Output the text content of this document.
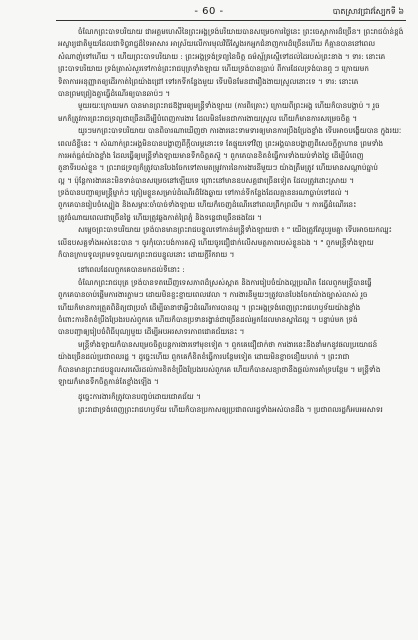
- 60 -	បាតស្រាវជ្រាវស្បែកទី ៦
ចំណែកព្រះបាទបរិយាយ ជាអគ្គមហេសីនៃព្រះអង្គទ្រង់បរិយាយបានសម្រេចការថ្ងៃនេះ ព្រះចេស្ដាការដ៏ច្រើន។ ព្រះរាជប៉ាន់ខ្ពង់
អស្ចារ្យជាតិមួយដែលជាទិព្វរាជ្ជដ៏ទៃអាសារ អាស្រ័យលើការមុលវិធីស្វែងរកអ្នកជំនាញការដ៏ច្រើនហើយ ក៏គ្មានបាននៅពេល
សំណាញ់ទៅហើយ ។ ហើយព្រះបាទបរិយាយ : ព្រះអង្គទ្រង់ទ្រព្យនៃចិត្ត ធម៌ស្ម័គ្រស្មើទៅដល់ដៃរបស់ព្រះនាង ។ ទារ: នោះគេ
ព្រះបាទបរិយាយ ទ្រង់ត្រាស់សួរទៅកាន់ព្រះរាជបុត្រទាំងឡាយ ហើយទ្រង់បានប្រាប់ ពីការដែលទ្រង់បានឮ ៗ ក្រោយមក
ទិតាការអនុញ្ញាតឲ្យដើរកាត់ព្រៃយ៉ាងជ្រៅ ទៅរកទីកន្លែងមួយ ទើបមិនមែនជារឿងងាយស្រួលនោះទេ ។ ទារ: នោះគេ
បានព្រមព្រៀងគ្នាធ្វើដំណើរឲ្យបានឆាប់ៗ ។
មួយរយៈក្រោយមក បានមានព្រះរាជឱង្ការឲ្យមន្ត្រីទាំងឡាយ (ការពិគ្រោះ) ក្រោយពីព្រះអង្គ ហើយក៏បានបង្គាប់ ។ រួច
មកក៏ត្រូវការព្រះរាជទ្រព្យជាច្រើនដើម្បីបំពេញការងារ ដែលមិនមែនជាការងាយស្រួល ហើយក៏មានការសម្រេចចិត្ត ។
យូរៗមកព្រះបាទបរិយាយ បានពិចារណាឃើញថា ការងារនេះទាមទារឲ្យមានការប្រឹងប្រែងខ្លាំង ទើបអាចបង្ហើយបាន ក្នុងរយៈ
ពេលដ៏ខ្លីនេះ ។ សំណាក់ព្រះអង្គមិនបានបង្ហាញពីក្ដីបារម្ភនោះទេ តែផ្ទុយទៅវិញ ព្រះអង្គបានបង្ហាញពីសេចក្ដីក្លាហាន ព្រមទាំង
ការអត់ធ្មត់យ៉ាងខ្លាំង ដែលធ្វើឲ្យមន្ត្រីទាំងឡាយមានទឹកចិត្តតស៊ូ ។ ពួកគេបានខិតខំធ្វើការទាំងយប់ទាំងថ្ងៃ ដើម្បីបំពេញ
តួនាទីរបស់ខ្លួន ។ ព្រះរាជទ្រព្យក៏ត្រូវបានបែងចែកទៅតាមតម្រូវការនៃការងារនីមួយៗ យ៉ាងត្រឹមត្រូវ ហើយមានសណ្ដាប់ធ្នាប់
ល្អ ។ ប៉ុន្តែការងារនេះមិនទាន់បានសម្រេចនៅឡើយទេ ព្រោះនៅមានឧបសគ្គជាច្រើនទៀត ដែលត្រូវដោះស្រាយ ។
ទ្រង់បានបញ្ជាឲ្យមន្ត្រីម្នាក់ៗ ត្រៀមខ្លួនសម្រាប់ដំណើរដ៏វែងឆ្ងាយ ទៅកាន់ទីកន្លែងដែលគ្មាននរណាធ្លាប់ទៅដល់ ។
ពួកគេបានរៀបចំស្បៀង និងសម្ភារៈចាំបាច់ទាំងឡាយ ហើយក៏ចេញដំណើរនៅពេលព្រឹកព្រលឹម ។ ការធ្វើដំណើរនេះ
ត្រូវចំណាយពេលជាច្រើនថ្ងៃ ហើយត្រូវឆ្លងកាត់ព្រៃភ្នំ និងទន្លេជាច្រើនផងដែរ ។
សម្ដេចព្រះបាទបរិយាយ ទ្រង់បានមានព្រះរាជបន្ទូលទៅកាន់មន្ត្រីទាំងឡាយថា ៖ " យើងត្រូវតែរួបរួមគ្នា ទើបអាចយកឈ្នះ
លើឧបសគ្គទាំងអស់នេះបាន ។ ចូរកុំបោះបង់ការតស៊ូ ហើយចូរជឿជាក់លើសមត្ថភាពរបស់ខ្លួនឯង ។ " ពួកមន្ត្រីទាំងឡាយ
ក៏បានក្រាបទូលព្រមទទួលយកព្រះរាជបន្ទូលនោះ ដោយក្ដីរីករាយ ។
នៅពេលដែលពួកគេបានមកដល់ទីនោះ :
ចំណែកព្រះរាជបុត្រ ទ្រង់បានទតឃើញទេសភាពដ៏ស្រស់ស្អាត និងការរៀបចំយ៉ាងល្អប្រណិត ដែលពួកមន្ត្រីបានធ្វើ
ពួកគេបានចាប់ផ្ដើមការងារភ្លាមៗ ដោយមិនខ្ជះខ្ជាយពេលវេលា ។ ការងារនីមួយៗត្រូវបានបែងចែកយ៉ាងច្បាស់លាស់ រួច
ហើយក៏មានការត្រួតពិនិត្យជាប្រចាំ ដើម្បីធានាថាអ្វីៗដំណើរការបានល្អ ។ ព្រះអង្គទ្រង់ពេញព្រះរាជហឫទ័យយ៉ាងខ្លាំង
ចំពោះការខិតខំប្រឹងប្រែងរបស់ពួកគេ ហើយក៏បានប្រទានរង្វាន់ជាច្រើនដល់អ្នកដែលមានស្នាដៃល្អ ។ បន្ទាប់មក ទ្រង់
បានបញ្ជាឲ្យរៀបចំពិធីបុណ្យមួយ ដើម្បីអបអរសាទរភាពជោគជ័យនេះ ។
មន្ត្រីទាំងឡាយក៏បានសម្រេចចិត្តបន្តការងារទៅមុខទៀត ។ ពួកគេជឿជាក់ថា ការងារនេះនឹងនាំមកនូវផលប្រយោជន៍
យ៉ាងច្រើនដល់ប្រជាពលរដ្ឋ ។ ដូច្នេះហើយ ពួកគេក៏ខិតខំធ្វើការបន្ថែមទៀត ដោយមិនខ្លាចនឿយហត់ ។ ព្រះរាជា
ក៏បានមានព្រះរាជបន្ទូលសរសើរដល់ការខិតខំប្រឹងប្រែងរបស់ពួកគេ ហើយក៏បានសន្យាថានឹងផ្ដល់ការគាំទ្របន្ថែម ។ មន្ត្រីទាំង
ឡាយក៏មានទឹកចិត្តកាន់តែខ្លាំងឡើង ។
ដូច្នេះការងារក៏ត្រូវបានបញ្ចប់ដោយជោគជ័យ ។
ព្រះរាជាទ្រង់ពេញព្រះរាជហឫទ័យ ហើយក៏បានប្រកាសឲ្យប្រជាពលរដ្ឋទាំងអស់បានដឹង ។ ប្រជាពលរដ្ឋក៏អបអរសាទរ
